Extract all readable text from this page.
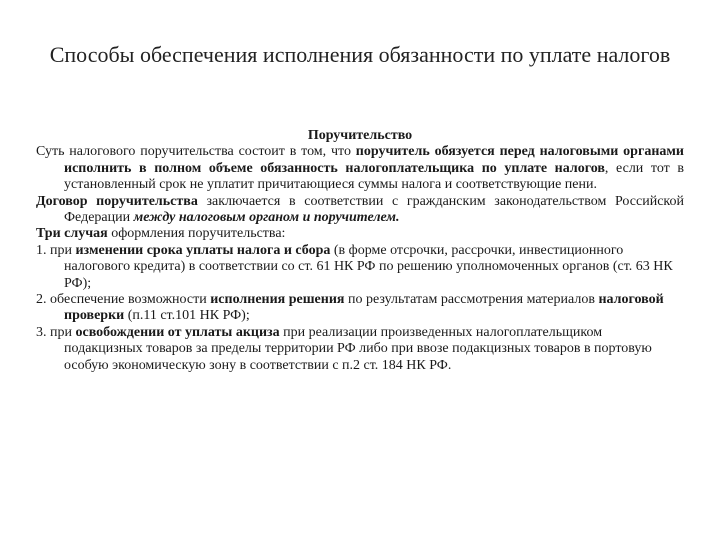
Способы обеспечения исполнения обязанности по уплате налогов
Поручительство

Суть налогового поручительства состоит в том, что поручитель обязуется перед налоговыми органами исполнить в полном объеме обязанность налогоплательщика по уплате налогов, если тот в установленный срок не уплатит причитающиеся суммы налога и соответствующие пени.

Договор поручительства заключается в соответствии с гражданским законодательством Российской Федерации между налоговым органом и поручителем.

Три случая оформления поручительства:

1. при изменении срока уплаты налога и сбора (в форме отсрочки, рассрочки, инвестиционного налогового кредита) в соответствии со ст. 61 НК РФ по решению уполномоченных органов (ст. 63 НК РФ);

2. обеспечение возможности исполнения решения по результатам рассмотрения материалов налоговой проверки (п.11 ст.101 НК РФ);

3. при освобождении от уплаты акциза при реализации произведенных налогоплательщиком подакцизных товаров за пределы территории РФ либо при ввозе подакцизных товаров в портовую особую экономическую зону в соответствии с п.2 ст. 184 НК РФ.
